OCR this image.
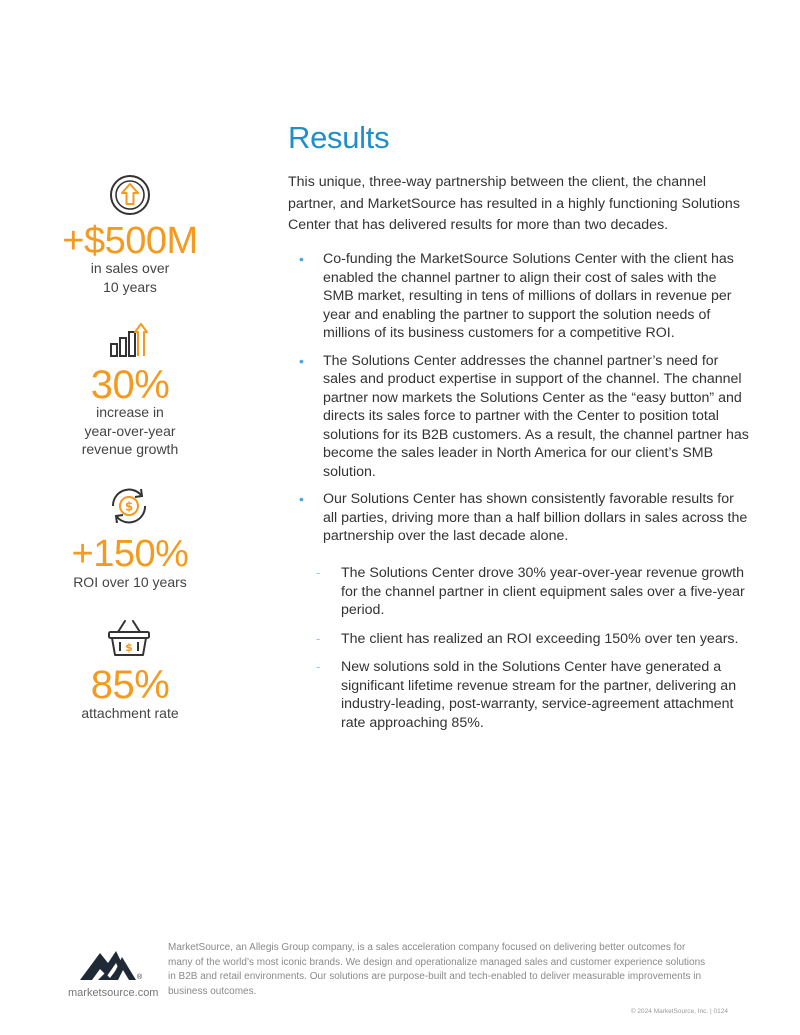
+$500M
in sales over
10 years
30%
increase in
year-over-year
revenue growth
$
+150%
ROI over 10 years
$
85%
attachment rate
Results

This unique, three-way partnership between the client, the channel partner, and MarketSource has resulted in a highly functioning Solutions Center that has delivered results for more than two decades.

• Co-funding the MarketSource Solutions Center with the client has enabled the channel partner to align their cost of sales with the SMB market, resulting in tens of millions of dollars in revenue per year and enabling the partner to support the solution needs of millions of its business customers for a competitive ROI.
• The Solutions Center addresses the channel partner’s need for sales and product expertise in support of the channel. The channel partner now markets the Solutions Center as the “easy button” and directs its sales force to partner with the Center to position total solutions for its B2B customers. As a result, the channel partner has become the sales leader in North America for our client’s SMB solution.
• Our Solutions Center has shown consistently favorable results for all parties, driving more than a half billion dollars in sales across the partnership over the last decade alone.
- The Solutions Center drove 30% year-over-year revenue growth for the channel partner in client equipment sales over a five-year period.
- The client has realized an ROI exceeding 150% over ten years.
- New solutions sold in the Solutions Center have generated a significant lifetime revenue stream for the partner, delivering an industry-leading, post-warranty, service-agreement attachment rate approaching 85%.
®
marketsource.com

MarketSource, an Allegis Group company, is a sales acceleration company focused on delivering better outcomes for many of the world’s most iconic brands. We design and operationalize managed sales and customer experience solutions in B2B and retail environments. Our solutions are purpose-built and tech-enabled to deliver measurable improvements in business outcomes.

© 2024 MarketSource, Inc. | 0124
